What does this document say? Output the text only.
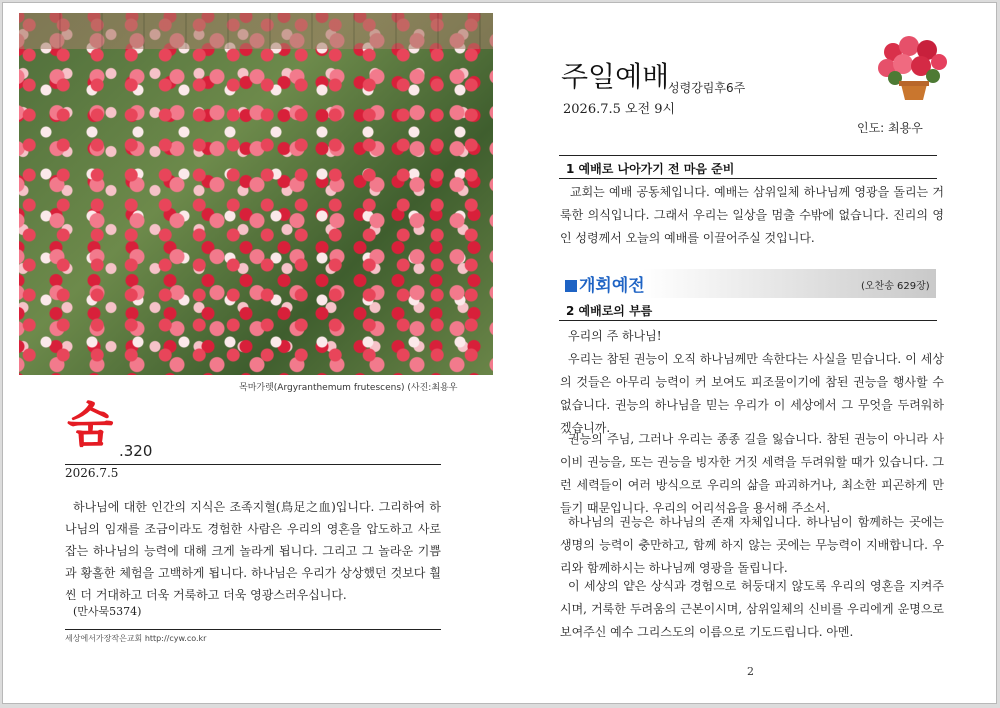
목마가렛(Argyranthemum frutescens) (사진:최용우
숨 .320
2026.7.5

하나님에 대한 인간의 지식은 조족지혈(鳥足之血)입니다. 그리하여 하나님의 임재를 조금이라도 경험한 사람은 우리의 영혼을 압도하고 사로잡는 하나님의 능력에 대해 크게 놀라게 됩니다. 그리고 그 놀라운 기쁨과 황홀한 체험을 고백하게 됩니다. 하나님은 우리가 상상했던 것보다 훨씬 더 거대하고 더욱 거룩하고 더욱 영광스러우십니다.

(만사묵5374)
세상에서가장작은교회 http://cyw.co.kr
주일예배
성령강림후6주
2026.7.5 오전 9시
인도: 최용우
1 예배로 나아가기 전 마음 준비

교회는 예배 공동체입니다. 예배는 삼위일체 하나님께 영광을 돌리는 거룩한 의식입니다. 그래서 우리는 일상을 멈출 수밖에 없습니다. 진리의 영인 성령께서 오늘의 예배를 이끌어주실 것입니다.

개회예전	(오찬송 629장)
2 예배로의 부름

우리의 주 하나님!

우리는 참된 권능이 오직 하나님께만 속한다는 사실을 믿습니다. 이 세상의 것들은 아무리 능력이 커 보여도 피조물이기에 참된 권능을 행사할 수 없습니다. 권능의 하나님을 믿는 우리가 이 세상에서 그 무엇을 두려워하겠습니까.

권능의 주님, 그러나 우리는 종종 길을 잃습니다. 참된 권능이 아니라 사이비 권능을, 또는 권능을 빙자한 거짓 세력을 두려워할 때가 있습니다. 그런 세력들이 여러 방식으로 우리의 삶을 파괴하거나, 최소한 피곤하게 만들기 때문입니다. 우리의 어리석음을 용서해 주소서.

하나님의 권능은 하나님의 존재 자체입니다. 하나님이 함께하는 곳에는 생명의 능력이 충만하고, 함께 하지 않는 곳에는 무능력이 지배합니다. 우리와 함께하시는 하나님께 영광을 돌립니다.

이 세상의 얕은 상식과 경험으로 허둥대지 않도록 우리의 영혼을 지켜주시며, 거룩한 두려움의 근본이시며, 삼위일체의 신비를 우리에게 운명으로 보여주신 예수 그리스도의 이름으로 기도드립니다. 아멘.

2
